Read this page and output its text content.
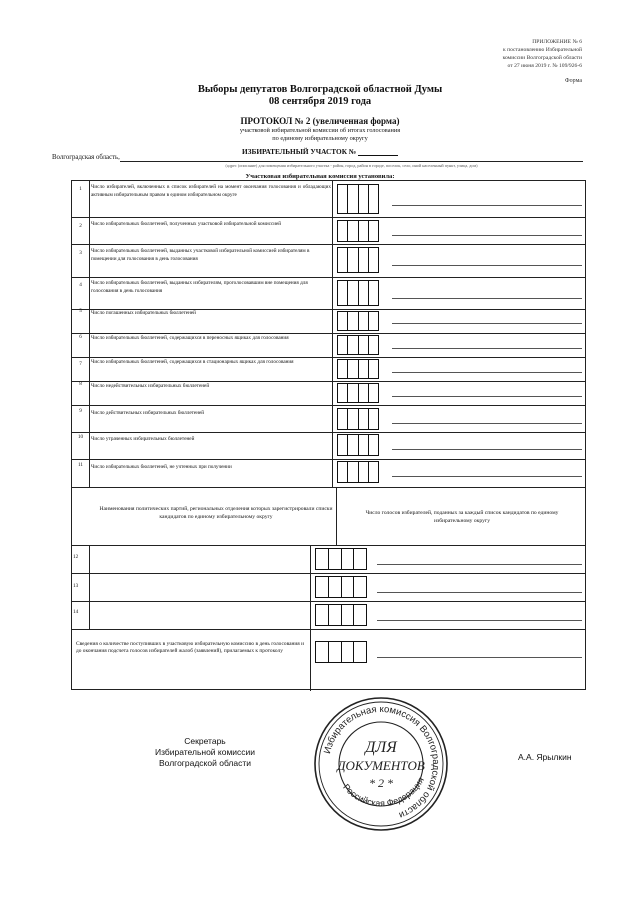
ПРИЛОЖЕНИЕ № 6
к постановлению Избирательной
комиссии Волгоградской области
от 27 июня 2019 г. № 109/926-6
Форма
Выборы депутатов Волгоградской областной Думы
08 сентября 2019 года
ПРОТОКОЛ № 2 (увеличенная форма)
участковой избирательной комиссии об итогах голосования
по единому избирательному округу
ИЗБИРАТЕЛЬНЫЙ УЧАСТОК №
Волгоградская область,
(адрес (описание) для помещения избирательного участка - район, город, район в городе, поселок, село, иной населенный пункт, улица, дом)
Участковая избирательная комиссия установила:
1	Число избирателей, включенных в список избирателей на момент окончания голосования и обладающих активным избирательным правом в едином избирательном округе
2	Число избирательных бюллетеней, полученных участковой избирательной комиссией
3	Число избирательных бюллетеней, выданных участковой избирательной комиссией избирателям в помещении для голосования в день голосования
4	Число избирательных бюллетеней, выданных избирателям, проголосовавшим вне помещения для голосования в день голосования
5	Число погашенных избирательных бюллетеней
6	Число избирательных бюллетеней, содержащихся в переносных ящиках для голосования
7	Число избирательных бюллетеней, содержащихся в стационарных ящиках для голосования
8	Число недействительных избирательных бюллетеней
9	Число действительных избирательных бюллетеней
10	Число утраченных избирательных бюллетеней
11	Число избирательных бюллетеней, не учтенных при получении
Наименования политических партий, региональных отделения которых зарегистрировали списки кандидатов по единому избирательному округу
Число голосов избирателей, поданных за каждый список кандидатов по единому избирательному округу
12
13
14
Сведения о количестве поступивших в участковую избирательную комиссию в день голосования и до окончания подсчета голосов избирателей жалоб (заявлений), прилагаемых к протоколу
Секретарь
Избирательной комиссии
Волгоградской области
А.А. Ярылкин
Избирательная комиссия Волгоградской области
Российская Федерация
ДЛЯ
ДОКУМЕНТОВ
* 2 *
